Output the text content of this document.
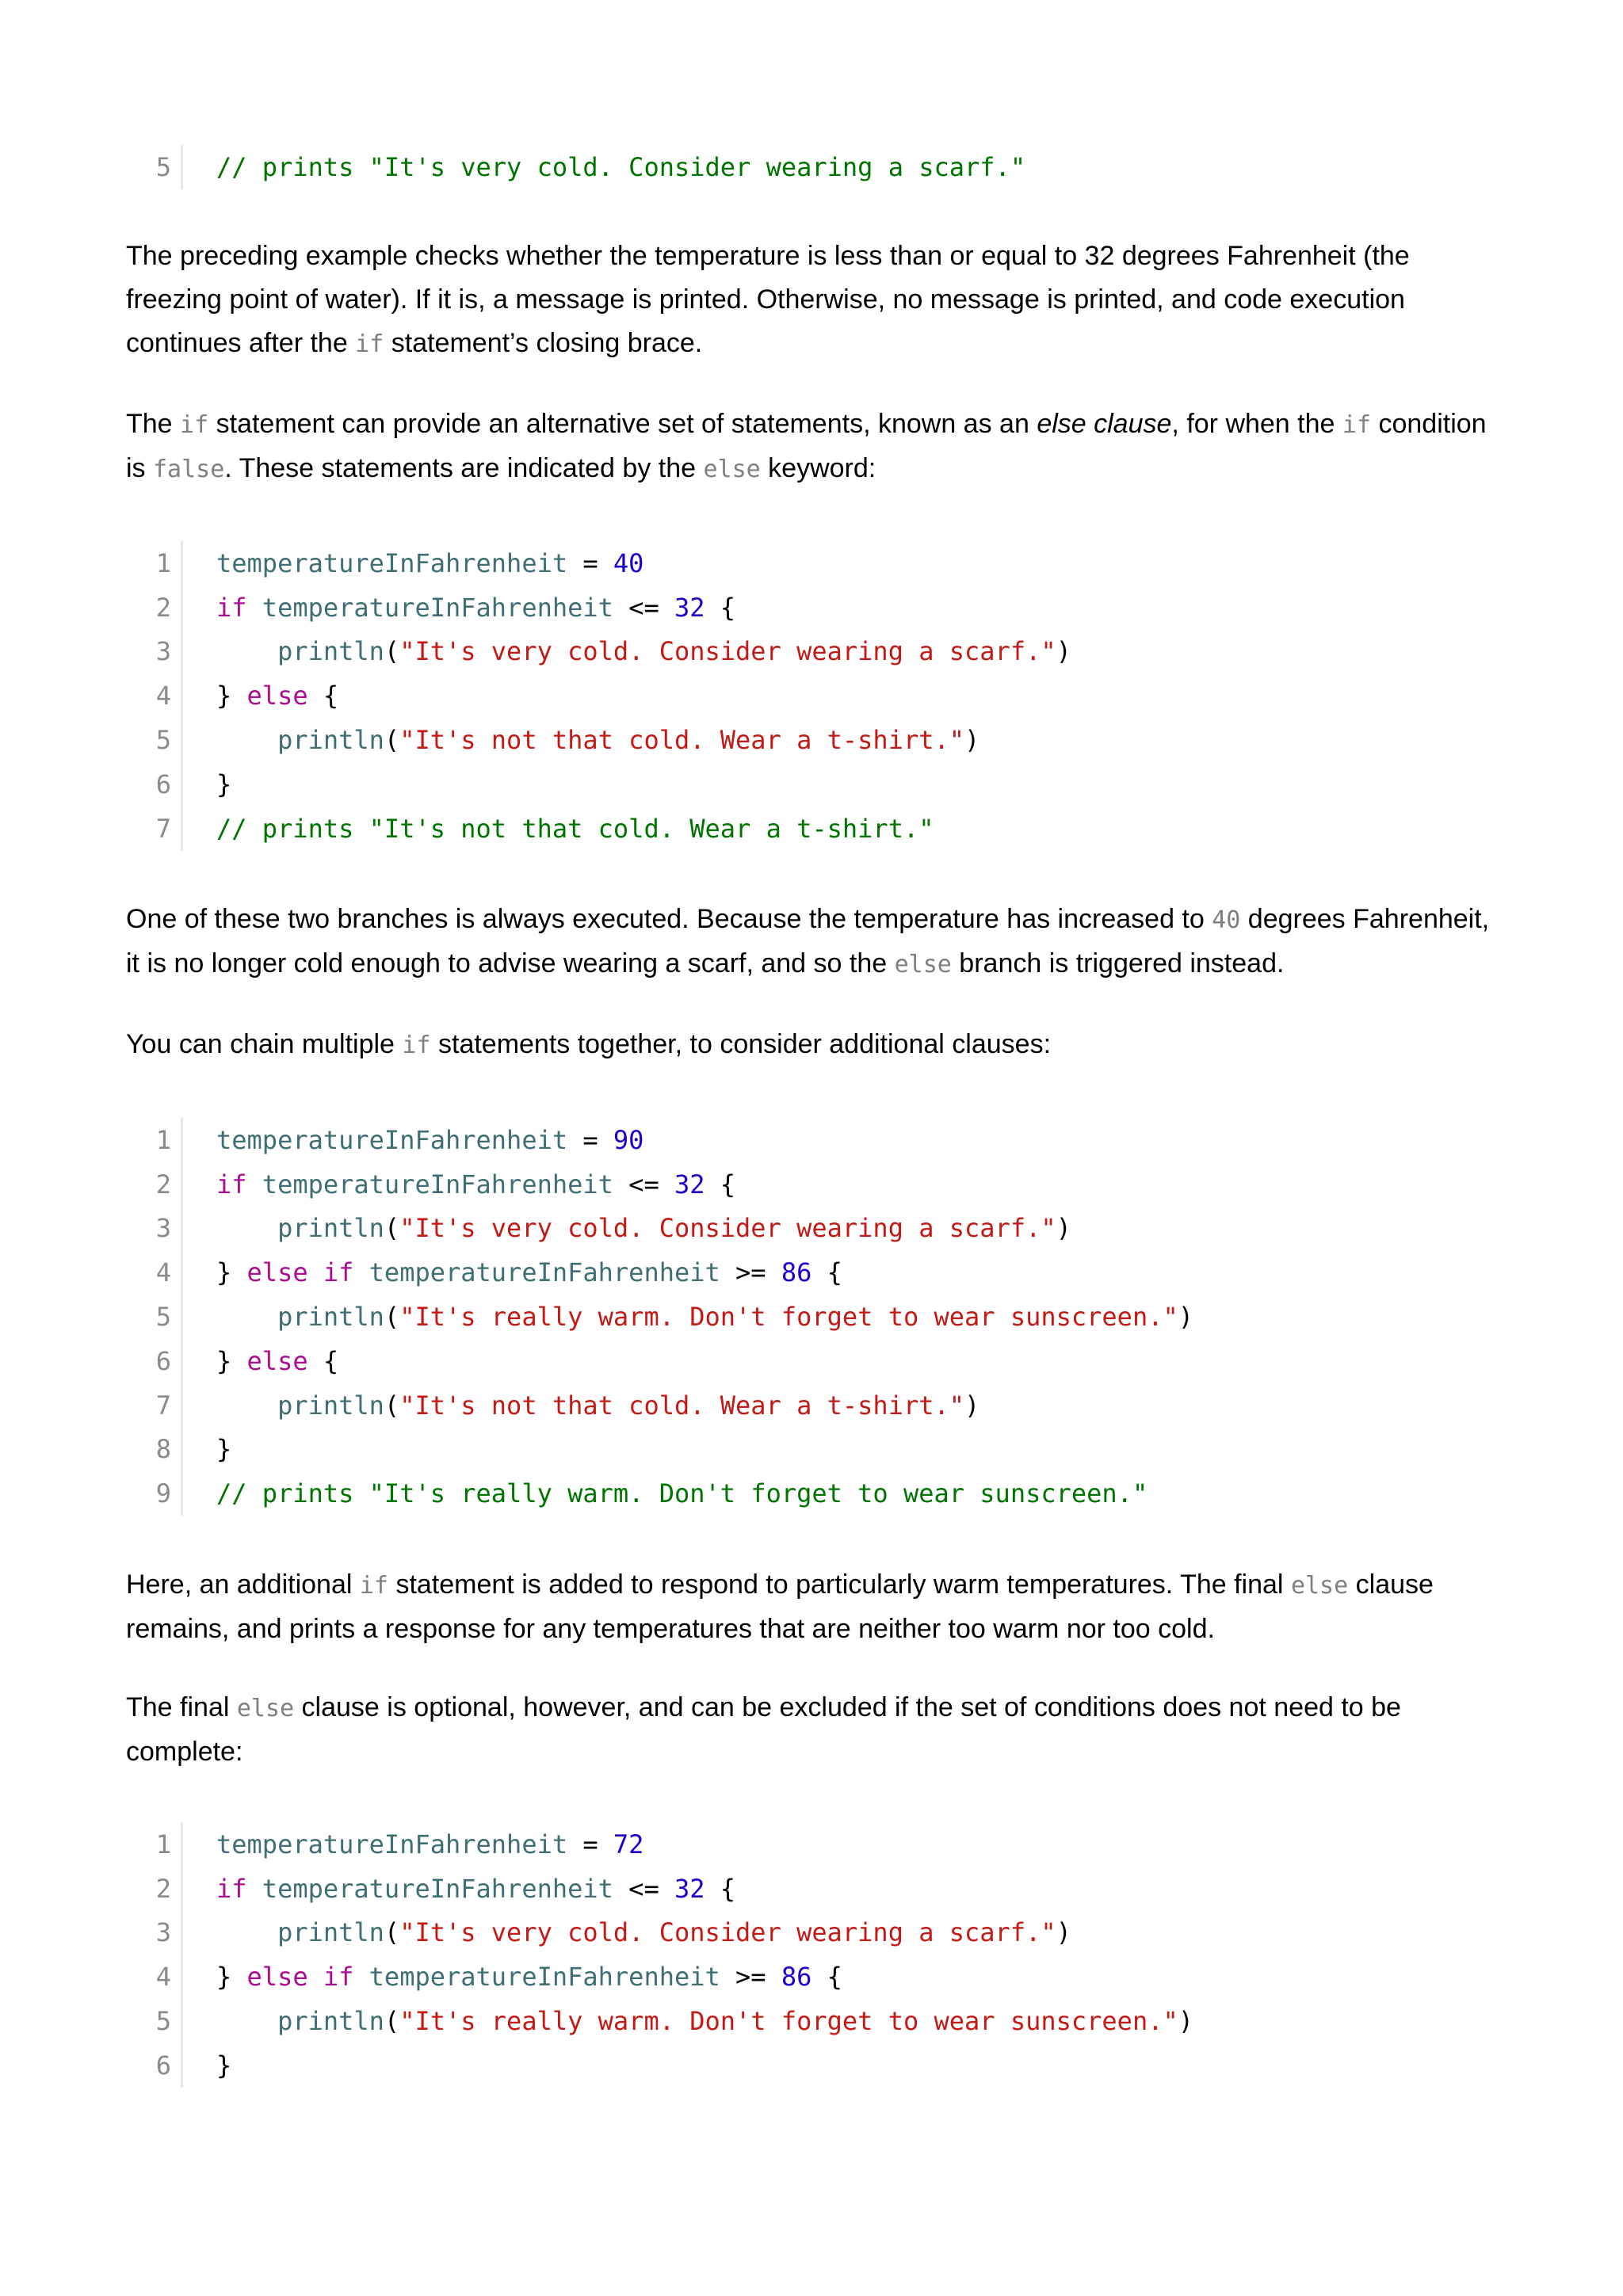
5	// prints "It's very cold. Consider wearing a scarf."

The preceding example checks whether the temperature is less than or equal to 32 degrees Fahrenheit (the freezing point of water). If it is, a message is printed. Otherwise, no message is printed, and code execution continues after the if statement’s closing brace.

The if statement can provide an alternative set of statements, known as an else clause, for when the if condition is false. These statements are indicated by the else keyword:

1	temperatureInFahrenheit = 40
2	if temperatureInFahrenheit <= 32 {
3	println("It's very cold. Consider wearing a scarf.")
4	} else {
5	println("It's not that cold. Wear a t-shirt.")
6	}
7	// prints "It's not that cold. Wear a t-shirt."

One of these two branches is always executed. Because the temperature has increased to 40 degrees Fahrenheit, it is no longer cold enough to advise wearing a scarf, and so the else branch is triggered instead.

You can chain multiple if statements together, to consider additional clauses:

1	temperatureInFahrenheit = 90
2	if temperatureInFahrenheit <= 32 {
3	println("It's very cold. Consider wearing a scarf.")
4	} else if temperatureInFahrenheit >= 86 {
5	println("It's really warm. Don't forget to wear sunscreen.")
6	} else {
7	println("It's not that cold. Wear a t-shirt.")
8	}
9	// prints "It's really warm. Don't forget to wear sunscreen."

Here, an additional if statement is added to respond to particularly warm temperatures. The final else clause remains, and prints a response for any temperatures that are neither too warm nor too cold.

The final else clause is optional, however, and can be excluded if the set of conditions does not need to be complete:

1	temperatureInFahrenheit = 72
2	if temperatureInFahrenheit <= 32 {
3	println("It's very cold. Consider wearing a scarf.")
4	} else if temperatureInFahrenheit >= 86 {
5	println("It's really warm. Don't forget to wear sunscreen.")
6	}
